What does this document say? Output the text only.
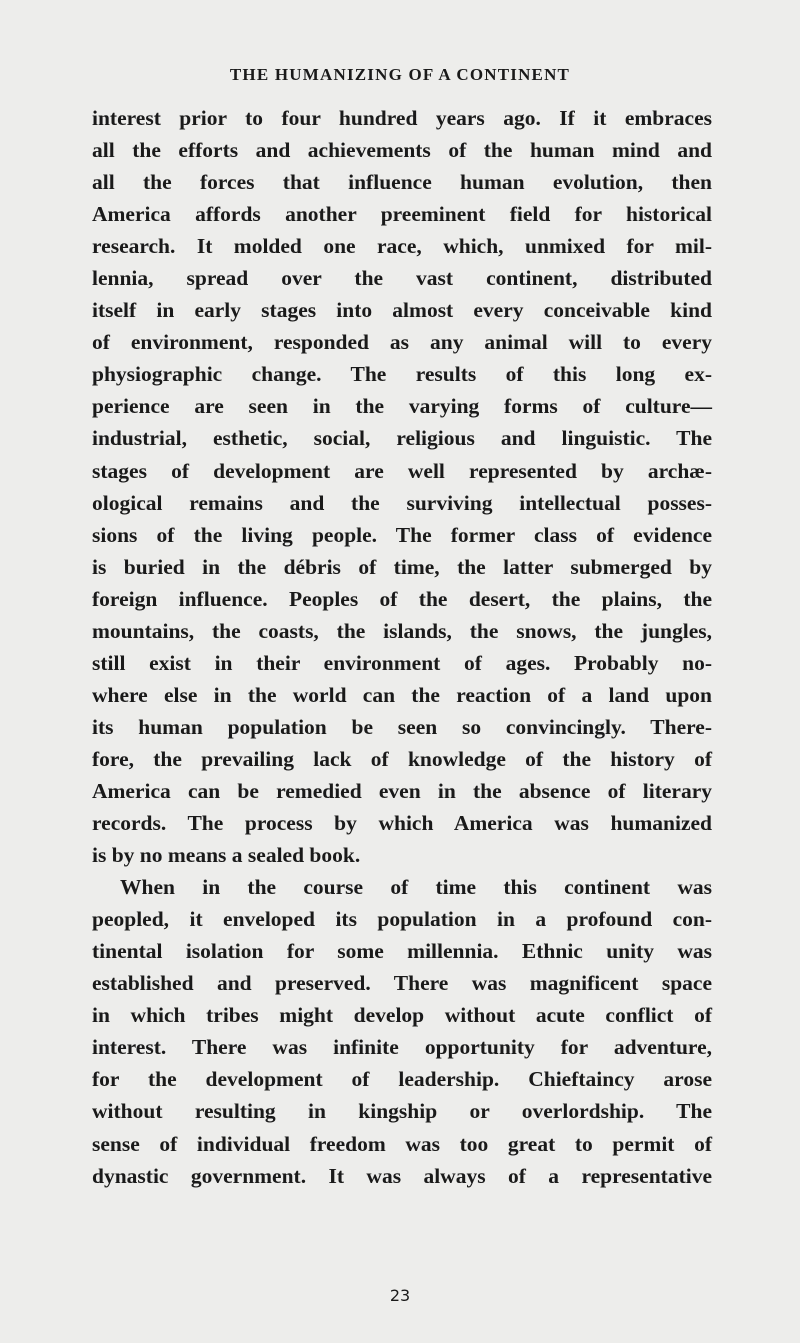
THE HUMANIZING OF A CONTINENT
interest prior to four hundred years ago. If it embraces
all the efforts and achievements of the human mind and
all the forces that influence human evolution, then
America affords another preeminent field for historical
research. It molded one race, which, unmixed for mil-
lennia, spread over the vast continent, distributed
itself in early stages into almost every conceivable kind
of environment, responded as any animal will to every
physiographic change. The results of this long ex-
perience are seen in the varying forms of culture—
industrial, esthetic, social, religious and linguistic. The
stages of development are well represented by archæ-
ological remains and the surviving intellectual posses-
sions of the living people. The former class of evidence
is buried in the débris of time, the latter submerged by
foreign influence. Peoples of the desert, the plains, the
mountains, the coasts, the islands, the snows, the jungles,
still exist in their environment of ages. Probably no-
where else in the world can the reaction of a land upon
its human population be seen so convincingly. There-
fore, the prevailing lack of knowledge of the history of
America can be remedied even in the absence of literary
records. The process by which America was humanized
is by no means a sealed book.
When in the course of time this continent was
peopled, it enveloped its population in a profound con-
tinental isolation for some millennia. Ethnic unity was
established and preserved. There was magnificent space
in which tribes might develop without acute conflict of
interest. There was infinite opportunity for adventure,
for the development of leadership. Chieftaincy arose
without resulting in kingship or overlordship. The
sense of individual freedom was too great to permit of
dynastic government. It was always of a representative
23
